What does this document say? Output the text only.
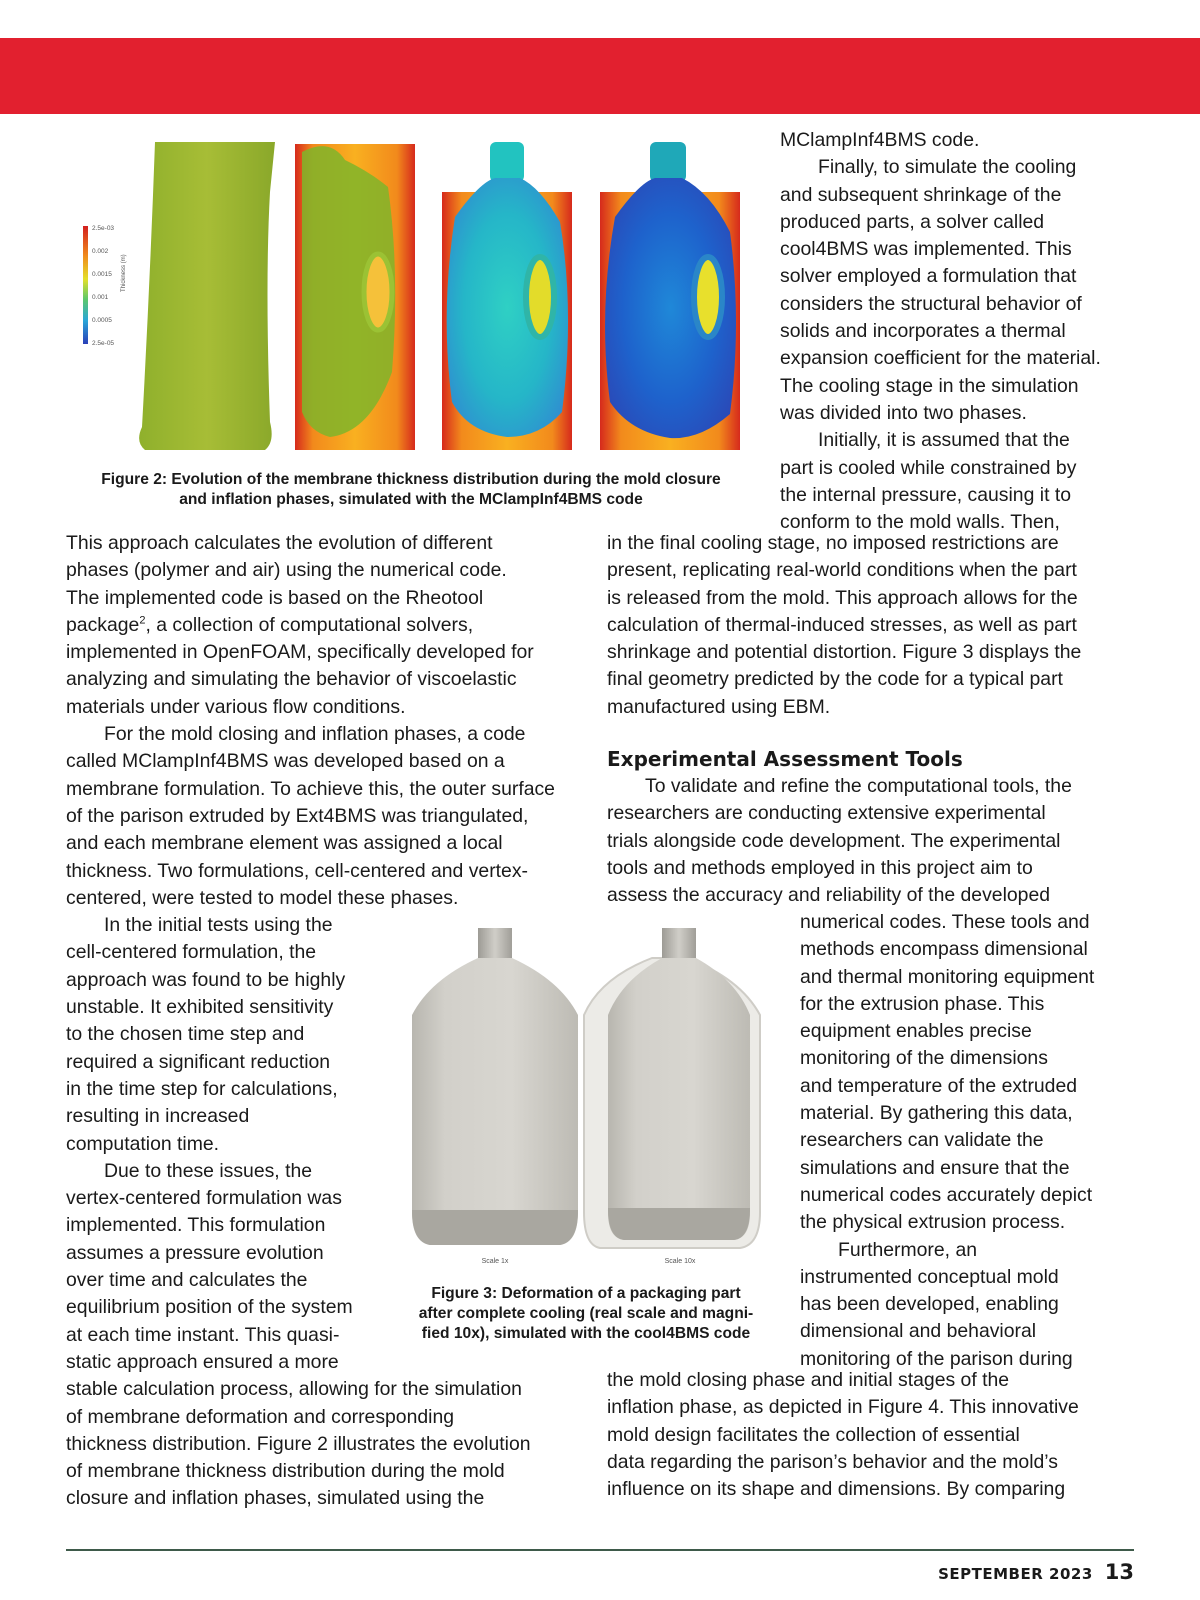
2.5e-03
0.002
0.0015
0.001
0.0005
2.5e-05
Thickness (m)

Figure 2: Evolution of the membrane thickness distribution during the mold closure
and inflation phases, simulated with the MClampInf4BMS code

MClampInf4BMS code.
Finally, to simulate the cooling
and subsequent shrinkage of the
produced parts, a solver called
cool4BMS was implemented. This
solver employed a formulation that
considers the structural behavior of
solids and incorporates a thermal
expansion coefficient for the material.
The cooling stage in the simulation
was divided into two phases.
Initially, it is assumed that the
part is cooled while constrained by
the internal pressure, causing it to
conform to the mold walls. Then,

This approach calculates the evolution of different
phases (polymer and air) using the numerical code.
The implemented code is based on the Rheotool
package$^2$, a collection of computational solvers,
implemented in OpenFOAM, specifically developed for
analyzing and simulating the behavior of viscoelastic
materials under various flow conditions.
For the mold closing and inflation phases, a code
called MClampInf4BMS was developed based on a
membrane formulation. To achieve this, the outer surface
of the parison extruded by Ext4BMS was triangulated,
and each membrane element was assigned a local
thickness. Two formulations, cell-centered and vertex-
centered, were tested to model these phases.
In the initial tests using the
cell-centered formulation, the
approach was found to be highly
unstable. It exhibited sensitivity
to the chosen time step and
required a significant reduction
in the time step for calculations,
resulting in increased
computation time.
Due to these issues, the
vertex-centered formulation was
implemented. This formulation
assumes a pressure evolution
over time and calculates the
equilibrium position of the system
at each time instant. This quasi-
static approach ensured a more
stable calculation process, allowing for the simulation
of membrane deformation and corresponding
thickness distribution. Figure 2 illustrates the evolution
of membrane thickness distribution during the mold
closure and inflation phases, simulated using the

in the final cooling stage, no imposed restrictions are
present, replicating real-world conditions when the part
is released from the mold. This approach allows for the
calculation of thermal-induced stresses, as well as part
shrinkage and potential distortion. Figure 3 displays the
final geometry predicted by the code for a typical part
manufactured using EBM.

Experimental Assessment Tools

To validate and refine the computational tools, the
researchers are conducting extensive experimental
trials alongside code development. The experimental
tools and methods employed in this project aim to
assess the accuracy and reliability of the developed

numerical codes. These tools and
methods encompass dimensional
and thermal monitoring equipment
for the extrusion phase. This
equipment enables precise
monitoring of the dimensions
and temperature of the extruded
material. By gathering this data,
researchers can validate the
simulations and ensure that the
numerical codes accurately depict
the physical extrusion process.
Furthermore, an
instrumented conceptual mold
has been developed, enabling
dimensional and behavioral
monitoring of the parison during

the mold closing phase and initial stages of the
inflation phase, as depicted in Figure 4. This innovative
mold design facilitates the collection of essential
data regarding the parison’s behavior and the mold’s
influence on its shape and dimensions. By comparing

Scale 1x	Scale 10x

Figure 3: Deformation of a packaging part
after complete cooling (real scale and magni-
fied 10x), simulated with the cool4BMS code

SEPTEMBER 2023 13
